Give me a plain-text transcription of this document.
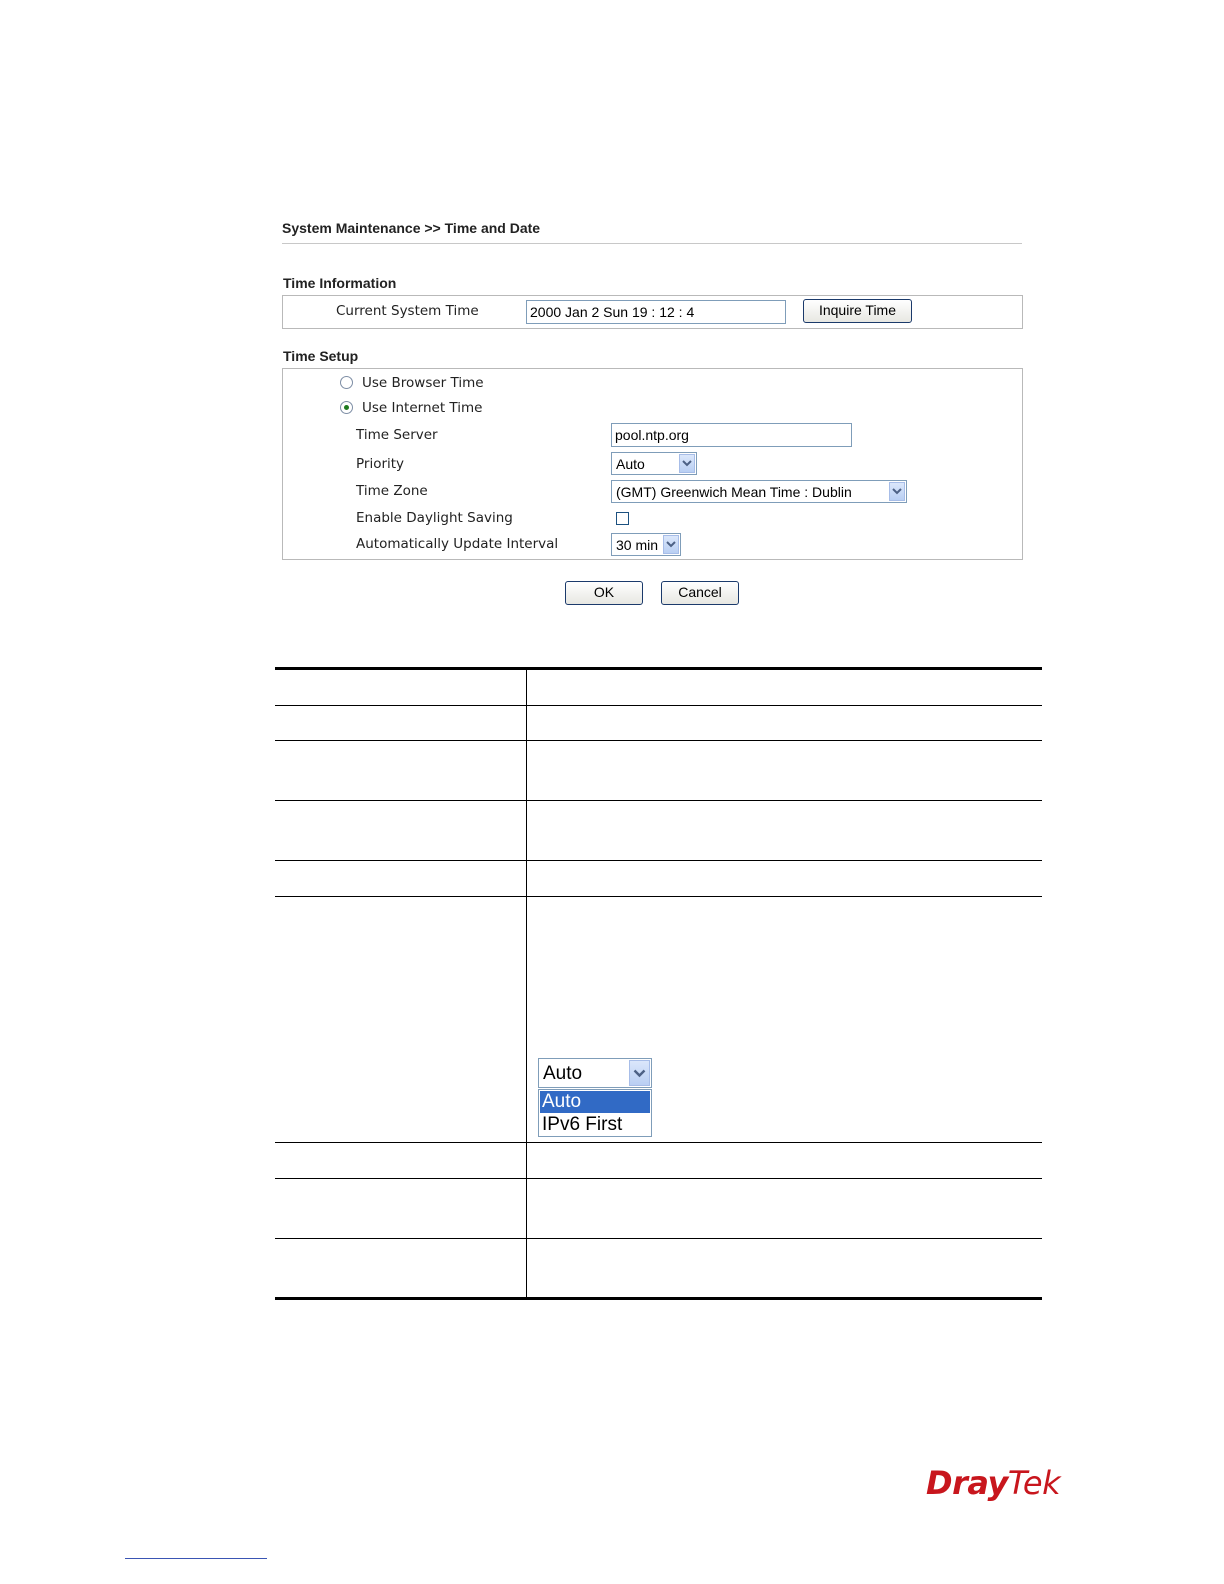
System Maintenance >> Time and Date
Time Information
Current System Time	2000 Jan 2 Sun 19 : 12 : 4	Inquire Time
Time Setup
Use Browser Time
Use Internet Time
Time Server	pool.ntp.org
Priority	Auto
Time Zone	(GMT) Greenwich Mean Time : Dublin
Enable Daylight Saving
Automatically Update Interval	30 min
OK	Cancel
Auto
Auto
IPv6 First
DrayTek
